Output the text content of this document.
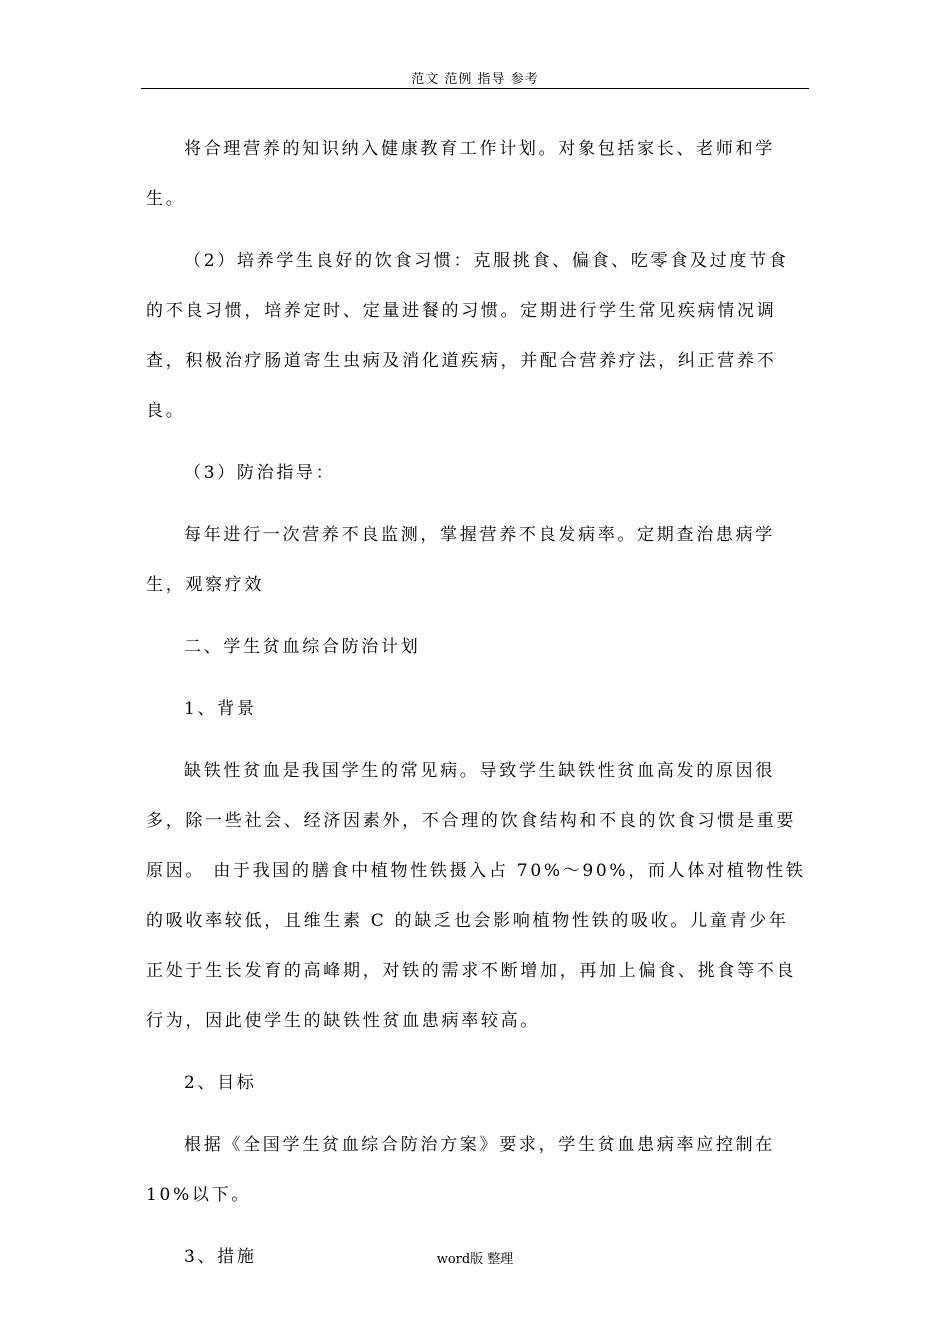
范文 范例 指导 参考

将合理营养的知识纳入健康教育工作计划。对象包括家长、老师和学生。

（2）培养学生良好的饮食习惯：克服挑食、偏食、吃零食及过度节食的不良习惯，培养定时、定量进餐的习惯。定期进行学生常见疾病情况调查，积极治疗肠道寄生虫病及消化道疾病，并配合营养疗法，纠正营养不良。

（3）防治指导：

每年进行一次营养不良监测，掌握营养不良发病率。定期查治患病学生，观察疗效

二、学生贫血综合防治计划

1、背景

缺铁性贫血是我国学生的常见病。导致学生缺铁性贫血高发的原因很多，除一些社会、经济因素外，不合理的饮食结构和不良的饮食习惯是重要原因。 由于我国的膳食中植物性铁摄入占 70%～90%，而人体对植物性铁的吸收率较低，且维生素 C 的缺乏也会影响植物性铁的吸收。儿童青少年正处于生长发育的高峰期，对铁的需求不断增加，再加上偏食、挑食等不良行为，因此使学生的缺铁性贫血患病率较高。

2、目标

根据《全国学生贫血综合防治方案》要求，学生贫血患病率应控制在 10%以下。

3、措施	word版 整理
